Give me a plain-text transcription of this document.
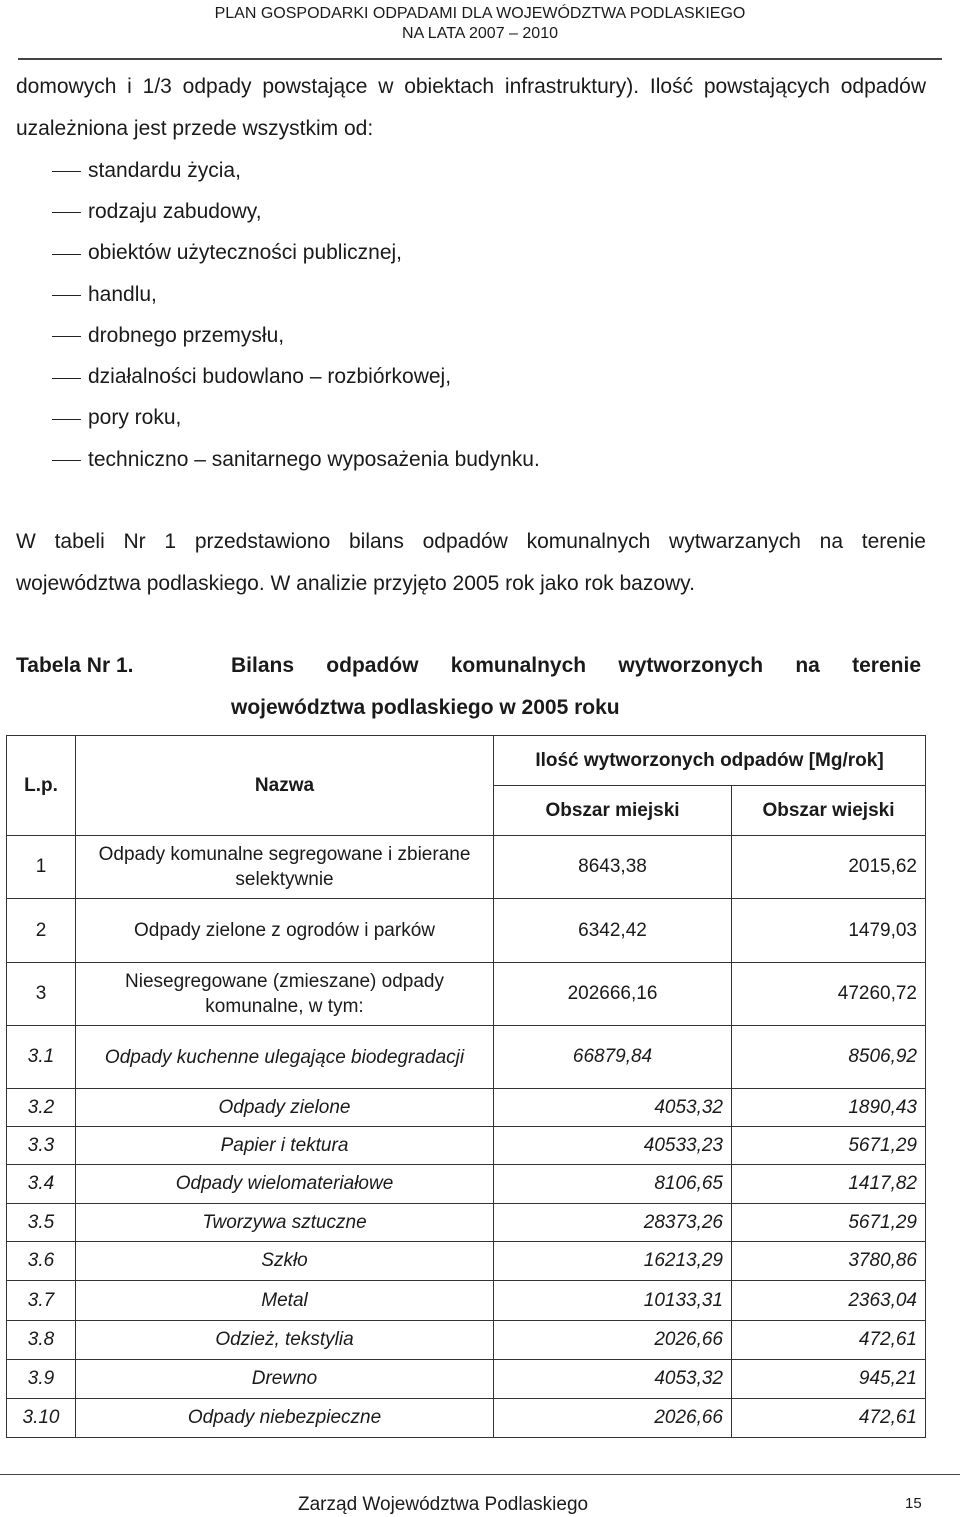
PLAN GOSPODARKI ODPADAMI DLA WOJEWÓDZTWA PODLASKIEGO
NA LATA 2007 – 2010
domowych i 1/3 odpady powstające w obiektach infrastruktury). Ilość powstających odpadów uzależniona jest przede wszystkim od:
standardu życia,
rodzaju zabudowy,
obiektów użyteczności publicznej,
handlu,
drobnego przemysłu,
działalności budowlano – rozbiórkowej,
pory roku,
techniczno – sanitarnego wyposażenia budynku.
W tabeli Nr 1 przedstawiono bilans odpadów komunalnych wytwarzanych na terenie województwa podlaskiego. W analizie przyjęto 2005 rok jako rok bazowy.
Tabela Nr 1.	Bilans odpadów komunalnych wytworzonych na terenie województwa podlaskiego w 2005 roku
L.p.	Nazwa	Ilość wytworzonych odpadów [Mg/rok]	
		Obszar miejski	Obszar wiejski
1	Odpady komunalne segregowane i zbierane selektywnie	8643,38	2015,62
2	Odpady zielone z ogrodów i parków	6342,42	1479,03
3	Niesegregowane (zmieszane) odpady komunalne, w tym:	202666,16	47260,72
3.1	Odpady kuchenne ulegające biodegradacji	66879,84	8506,92
3.2	Odpady zielone	4053,32	1890,43
3.3	Papier i tektura	40533,23	5671,29
3.4	Odpady wielomateriałowe	8106,65	1417,82
3.5	Tworzywa sztuczne	28373,26	5671,29
3.6	Szkło	16213,29	3780,86
3.7	Metal	10133,31	2363,04
3.8	Odzież, tekstylia	2026,66	472,61
3.9	Drewno	4053,32	945,21
3.10	Odpady niebezpieczne	2026,66	472,61
Zarząd Województwa Podlaskiego	15
